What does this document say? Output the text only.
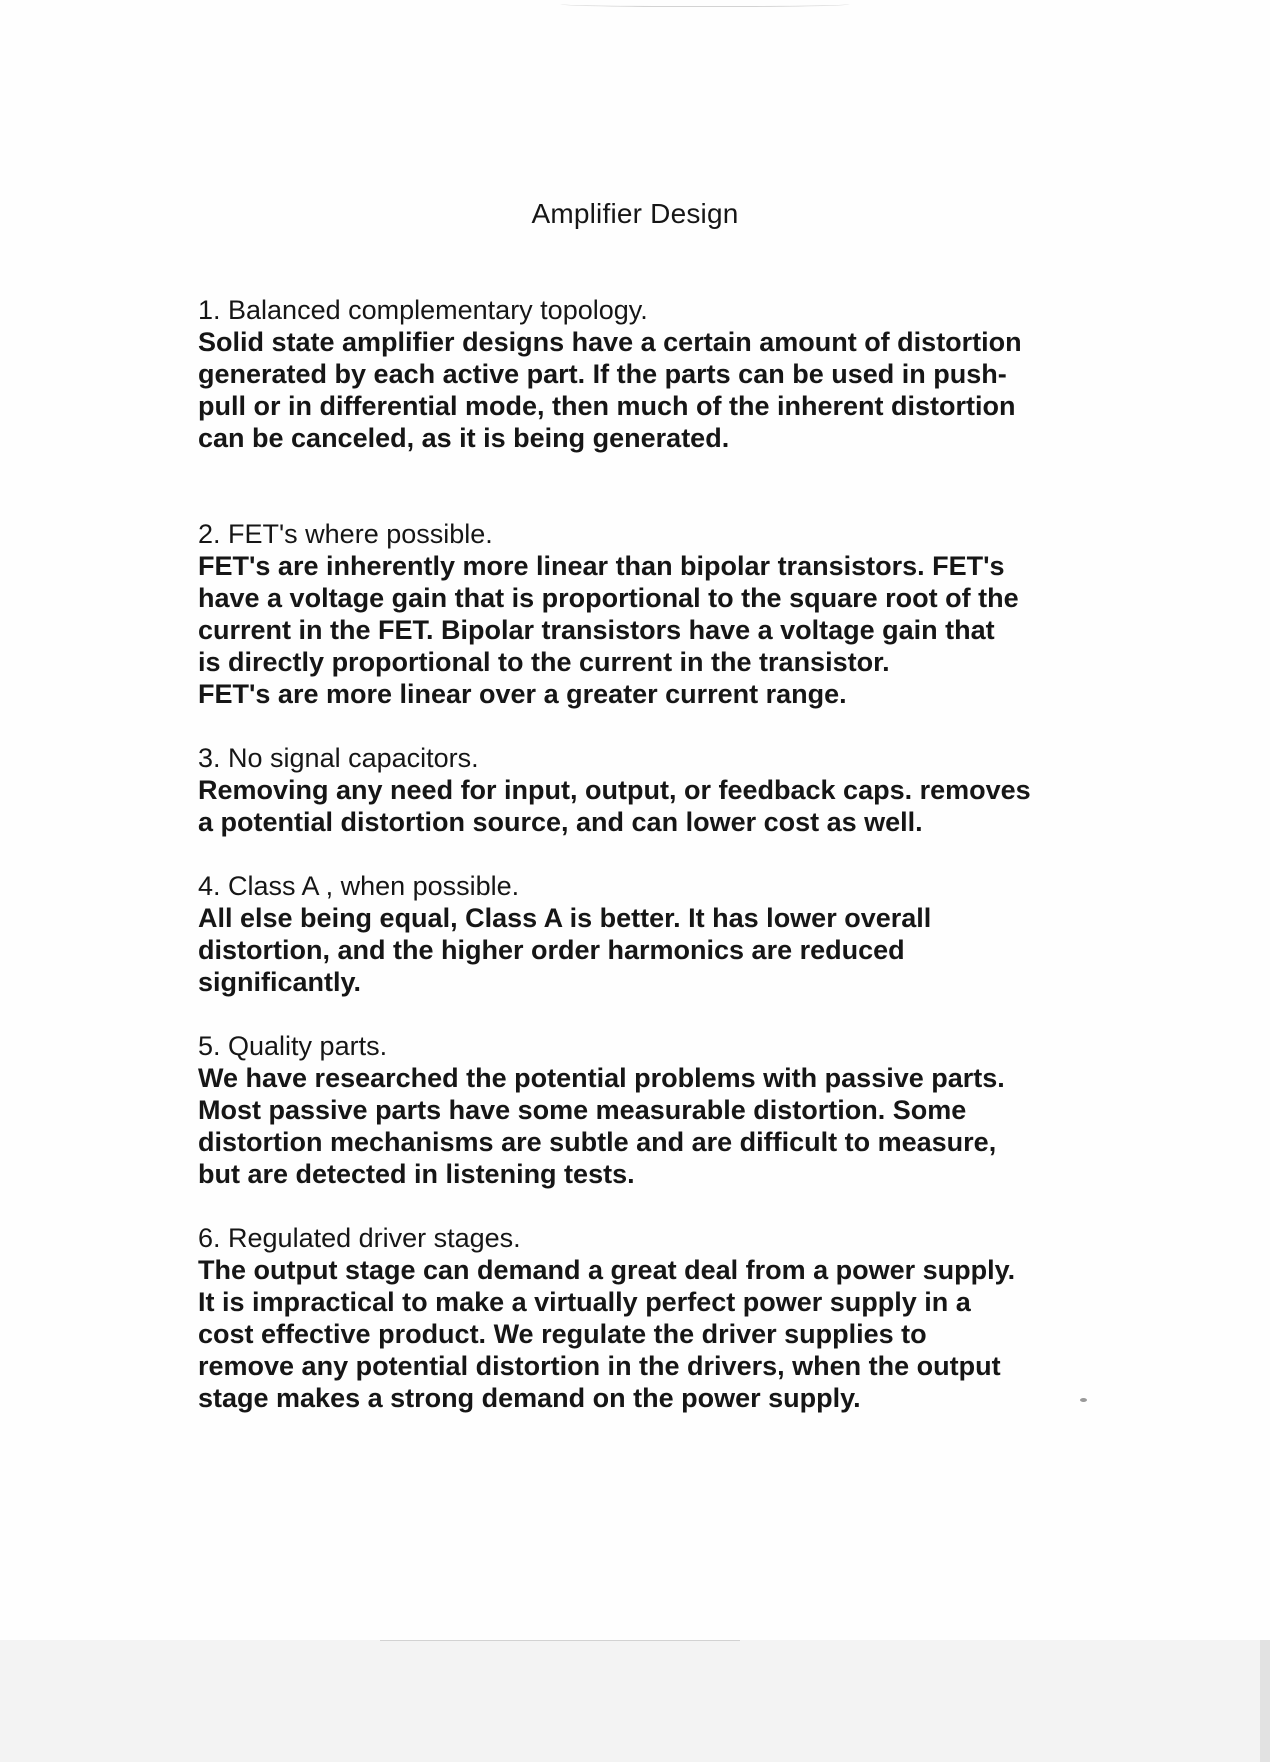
Amplifier Design

1. Balanced complementary topology.

Solid state amplifier designs have a certain amount of distortion

generated by each active part. If the parts can be used in push-

pull or in differential mode, then much of the inherent distortion

can be canceled, as it is being generated.

2. FET's where possible.

FET's are inherently more linear than bipolar transistors. FET's

have a voltage gain that is proportional to the square root of the

current in the FET. Bipolar transistors have a voltage gain that

is directly proportional to the current in the transistor.

FET's are more linear over a greater current range.

3. No signal capacitors.

Removing any need for input, output, or feedback caps. removes

a potential distortion source, and can lower cost as well.

4. Class A , when possible.

All else being equal, Class A is better. It has lower overall

distortion, and the higher order harmonics are reduced

significantly.

5. Quality parts.

We have researched the potential problems with passive parts.

Most passive parts have some measurable distortion. Some

distortion mechanisms are subtle and are difficult to measure,

but are detected in listening tests.

6. Regulated driver stages.

The output stage can demand a great deal from a power supply.

It is impractical to make a virtually perfect power supply in a

cost effective product. We regulate the driver supplies to

remove any potential distortion in the drivers, when the output

stage makes a strong demand on the power supply.
